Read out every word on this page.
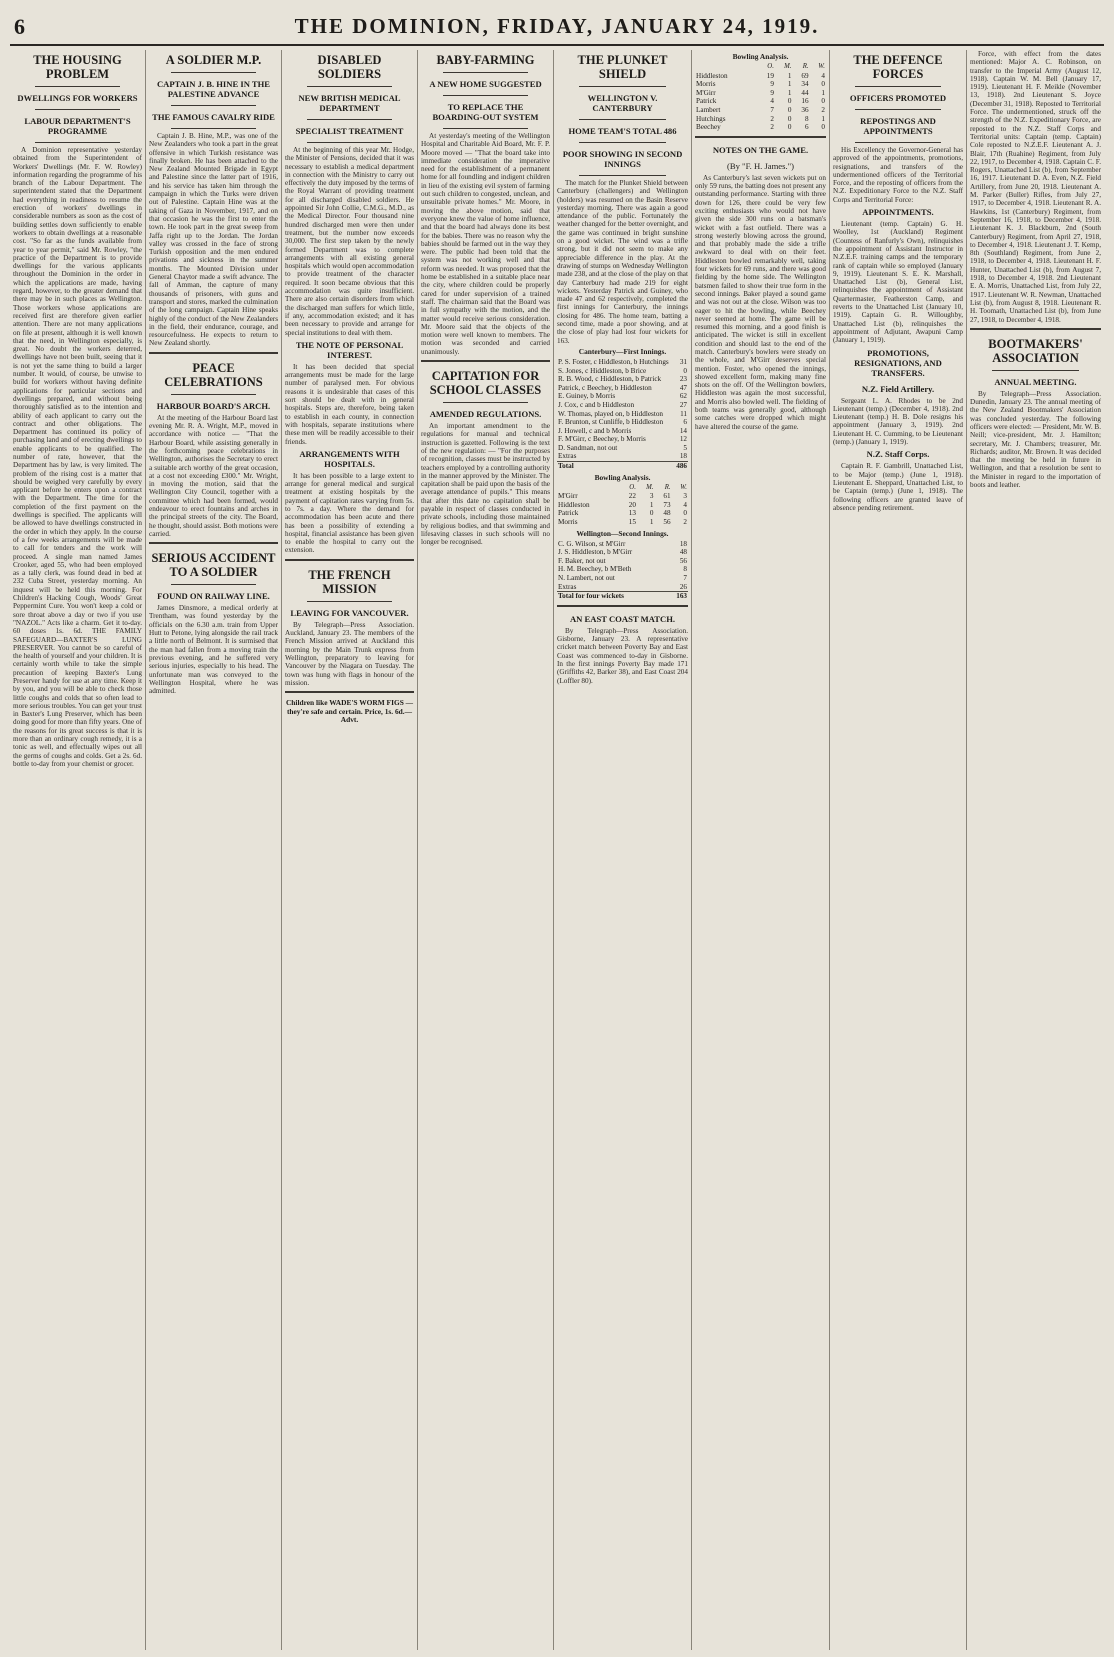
6	THE DOMINION, FRIDAY, JANUARY 24, 1919.
THE HOUSING PROBLEM
DWELLINGS FOR WORKERS
LABOUR DEPARTMENT'S PROGRAMME
A Dominion representative yesterday obtained from the Superintendent of Workers' Dwellings (Mr. F. W. Rowley) information regarding the programme of his branch of the Labour Department. The superintendent stated that the Department had everything in readiness to resume the erection of workers' dwellings in considerable numbers as soon as the cost of building settles down sufficiently to enable workers to obtain dwellings at a reasonable cost. "So far as the funds available from year to year permit," said Mr. Rowley, "the practice of the Department is to provide dwellings for the various applicants throughout the Dominion in the order in which the applications are made, having regard, however, to the greater demand that there may be in such places as Wellington. Those workers whose applications are received first are therefore given earlier attention. There are not many applications on file at present, although it is well known that the need, in Wellington especially, is great. No doubt the workers deterred, dwellings have not been built, seeing that it is not yet the same thing to build a larger number. It would, of course, be unwise to build for workers without having definite applications for particular sections and dwellings prepared, and without being thoroughly satisfied as to the intention and ability of each applicant to carry out the contract and other obligations. The Department has continued its policy of purchasing land and of erecting dwellings to enable applicants to be qualified. The number of rate, however, that the Department has by law, is very limited. The problem of the rising cost is a matter that should be weighed very carefully by every applicant before he enters upon a contract with the Department. The time for the completion of the first payment on the dwellings is specified. The applicants will be allowed to have dwellings constructed in the order in which they apply. In the course of a few weeks arrangements will be made to call for tenders and the work will proceed. A single man named James Crooker, aged 55, who had been employed as a tally clerk, was found dead in bed at 232 Cuba Street, yesterday morning. An inquest will be held this morning. For Children's Hacking Cough, Woods' Great Peppermint Cure. You won't keep a cold or sore throat above a day or two if you use "NAZOL." Acts like a charm. Get it to-day. 60 doses 1s. 6d. THE FAMILY SAFEGUARD—BAXTER'S LUNG PRESERVER. You cannot be so careful of the health of yourself and your children. It is certainly worth while to take the simple precaution of keeping Baxter's Lung Preserver handy for use at any time. Keep it by you, and you will be able to check those little coughs and colds that so often lead to more serious troubles. You can get your trust in Baxter's Lung Preserver, which has been doing good for more than fifty years. One of the reasons for its great success is that it is more than an ordinary cough remedy, it is a tonic as well, and effectually wipes out all the germs of coughs and colds. Get a 2s. 6d. bottle to-day from your chemist or grocer.
A SOLDIER M.P.
CAPTAIN J. B. HINE IN THE PALESTINE ADVANCE
THE FAMOUS CAVALRY RIDE
Captain J. B. Hine, M.P., was one of the New Zealanders who took a part in the great offensive in which Turkish resistance was finally broken. He has been attached to the New Zealand Mounted Brigade in Egypt and Palestine since the latter part of 1916, and his service has taken him through the campaign in which the Turks were driven out of Palestine. Captain Hine was at the taking of Gaza in November, 1917, and on that occasion he was the first to enter the town. He took part in the great sweep from Jaffa right up to the Jordan. The Jordan valley was crossed in the face of strong Turkish opposition and the men endured privations and sickness in the summer months. The Mounted Division under General Chaytor made a swift advance. The fall of Amman, the capture of many thousands of prisoners, with guns and transport and stores, marked the culmination of the long campaign. Captain Hine speaks highly of the conduct of the New Zealanders in the field, their endurance, courage, and resourcefulness. He expects to return to New Zealand shortly.
PEACE CELEBRATIONS
HARBOUR BOARD'S ARCH.
At the meeting of the Harbour Board last evening Mr. R. A. Wright, M.P., moved in accordance with notice — "That the Harbour Board, while assisting generally in the forthcoming peace celebrations in Wellington, authorises the Secretary to erect a suitable arch worthy of the great occasion, at a cost not exceeding £300." Mr. Wright, in moving the motion, said that the Wellington City Council, together with a committee which had been formed, would endeavour to erect fountains and arches in the principal streets of the city. The Board, he thought, should assist. Both motions were carried.
SERIOUS ACCIDENT TO A SOLDIER
FOUND ON RAILWAY LINE.
James Dinsmore, a medical orderly at Trentham, was found yesterday by the officials on the 6.30 a.m. train from Upper Hutt to Petone, lying alongside the rail track a little north of Belmont. It is surmised that the man had fallen from a moving train the previous evening, and he suffered very serious injuries, especially to his head. The unfortunate man was conveyed to the Wellington Hospital, where he was admitted.
DISABLED SOLDIERS
NEW BRITISH MEDICAL DEPARTMENT
SPECIALIST TREATMENT
At the beginning of this year Mr. Hodge, the Minister of Pensions, decided that it was necessary to establish a medical department in connection with the Ministry to carry out effectively the duty imposed by the terms of the Royal Warrant of providing treatment for all discharged disabled soldiers. He appointed Sir John Collie, C.M.G., M.D., as the Medical Director. Four thousand nine hundred discharged men were then under treatment, but the number now exceeds 30,000. The first step taken by the newly formed Department was to complete arrangements with all existing general hospitals which would open accommodation to provide treatment of the character required. It soon became obvious that this accommodation was quite insufficient. There are also certain disorders from which the discharged man suffers for which little, if any, accommodation existed; and it has been necessary to provide and arrange for special institutions to deal with them.
THE NOTE OF PERSONAL INTEREST.
It has been decided that special arrangements must be made for the large number of paralysed men. For obvious reasons it is undesirable that cases of this sort should be dealt with in general hospitals. Steps are, therefore, being taken to establish in each county, in connection with hospitals, separate institutions where these men will be readily accessible to their friends.
ARRANGEMENTS WITH HOSPITALS.
It has been possible to a large extent to arrange for general medical and surgical treatment at existing hospitals by the payment of capitation rates varying from 5s. to 7s. a day. Where the demand for accommodation has been acute and there has been a possibility of extending a hospital, financial assistance has been given to enable the hospital to carry out the extension.
THE FRENCH MISSION
LEAVING FOR VANCOUVER.
By Telegraph—Press Association. Auckland, January 23. The members of the French Mission arrived at Auckland this morning by the Main Trunk express from Wellington, preparatory to leaving for Vancouver by the Niagara on Tuesday. The town was hung with flags in honour of the mission.
Children like WADE'S WORM FIGS — they're safe and certain. Price, 1s. 6d.—Advt.
BABY-FARMING
A NEW HOME SUGGESTED
TO REPLACE THE BOARDING-OUT SYSTEM
At yesterday's meeting of the Wellington Hospital and Charitable Aid Board, Mr. F. P. Moore moved — "That the board take into immediate consideration the imperative need for the establishment of a permanent home for all foundling and indigent children in lieu of the existing evil system of farming out such children to congested, unclean, and unsuitable private homes." Mr. Moore, in moving the above motion, said that everyone knew the value of home influence, and that the board had always done its best for the babies. There was no reason why the babies should be farmed out in the way they were. The public had been told that the system was not working well and that reform was needed. It was proposed that the home be established in a suitable place near the city, where children could be properly cared for under supervision of a trained staff. The chairman said that the Board was in full sympathy with the motion, and the matter would receive serious consideration. Mr. Moore said that the objects of the motion were well known to members. The motion was seconded and carried unanimously.
CAPITATION FOR SCHOOL CLASSES
AMENDED REGULATIONS.
An important amendment to the regulations for manual and technical instruction is gazetted. Following is the text of the new regulation: — "For the purposes of recognition, classes must be instructed by teachers employed by a controlling authority in the manner approved by the Minister. The capitation shall be paid upon the basis of the average attendance of pupils." This means that after this date no capitation shall be payable in respect of classes conducted in private schools, including those maintained by religious bodies, and that swimming and lifesaving classes in such schools will no longer be recognised.
THE PLUNKET SHIELD
WELLINGTON V. CANTERBURY
HOME TEAM'S TOTAL 486
POOR SHOWING IN SECOND INNINGS
The match for the Plunket Shield between Canterbury (challengers) and Wellington (holders) was resumed on the Basin Reserve yesterday morning. There was again a good attendance of the public. Fortunately the weather changed for the better overnight, and the game was continued in bright sunshine on a good wicket. The wind was a trifle strong, but it did not seem to make any appreciable difference in the play. At the drawing of stumps on Wednesday Wellington made 238, and at the close of the play on that day Canterbury had made 219 for eight wickets. Yesterday Patrick and Guiney, who made 47 and 62 respectively, completed the first innings for Canterbury, the innings closing for 486. The home team, batting a second time, made a poor showing, and at the close of play had lost four wickets for 163.
Canterbury—First Innings.
P. S. Foster, c Hiddleston, b Hutchings	31
S. Jones, c Hiddleston, b Brice	0
R. B. Wood, c Hiddleston, b Patrick	23
Patrick, c Beechey, b Hiddleston	47
E. Guiney, b Morris	62
J. Cox, c and b Hiddleston	27
W. Thomas, played on, b Hiddleston	11
F. Brunton, st Cunliffe, b Hiddleston	6
J. Howell, c and b Morris	14
F. M'Girr, c Beechey, b Morris	12
D. Sandman, not out	5
Extras	18
Total	486
Bowling Analysis.
	O.	M.	R.	W.
M'Girr	22	3	61	3
Hiddleston	20	1	73	4
Patrick	13	0	48	0
Morris	15	1	56	2
Wellington—Second Innings.
C. G. Wilson, st M'Girr	18
J. S. Hiddleston, b M'Girr	48
F. Baker, not out	56
H. M. Beechey, b M'Beth	8
N. Lambert, not out	7
Extras	26
Total for four wickets	163
AN EAST COAST MATCH.
By Telegraph—Press Association. Gisborne, January 23. A representative cricket match between Poverty Bay and East Coast was commenced to-day in Gisborne. In the first innings Poverty Bay made 171 (Griffiths 42, Barker 38), and East Coast 204 (Loffler 80).
Bowling Analysis.
	O.	M.	R.	W.
Hiddleston	19	1	69	4
Morris	9	1	34	0
M'Girr	9	1	44	1
Patrick	4	0	16	0
Lambert	7	0	36	2
Hutchings	2	0	8	1
Beechey	2	0	6	0
NOTES ON THE GAME.
(By "F. H. James.")
As Canterbury's last seven wickets put on only 59 runs, the batting does not present any outstanding performance. Starting with three down for 126, there could be very few exciting enthusiasts who would not have given the side 300 runs on a batsman's wicket with a fast outfield. There was a strong westerly blowing across the ground, and that probably made the side a trifle awkward to deal with on their feet. Hiddleston bowled remarkably well, taking four wickets for 69 runs, and there was good fielding by the home side. The Wellington batsmen failed to show their true form in the second innings. Baker played a sound game and was not out at the close. Wilson was too eager to hit the bowling, while Beechey never seemed at home. The game will be resumed this morning, and a good finish is anticipated. The wicket is still in excellent condition and should last to the end of the match. Canterbury's bowlers were steady on the whole, and M'Girr deserves special mention. Foster, who opened the innings, showed excellent form, making many fine shots on the off. Of the Wellington bowlers, Hiddleston was again the most successful, and Morris also bowled well. The fielding of both teams was generally good, although some catches were dropped which might have altered the course of the game.
THE DEFENCE FORCES
OFFICERS PROMOTED
REPOSTINGS AND APPOINTMENTS
His Excellency the Governor-General has approved of the appointments, promotions, resignations, and transfers of the undermentioned officers of the Territorial Force, and the reposting of officers from the N.Z. Expeditionary Force to the N.Z. Staff Corps and Territorial Force:
APPOINTMENTS.
Lieutenant (temp. Captain) G. H. Woolley, 1st (Auckland) Regiment (Countess of Ranfurly's Own), relinquishes the appointment of Assistant Instructor in N.Z.E.F. training camps and the temporary rank of captain while so employed (January 9, 1919). Lieutenant S. E. K. Marshall, Unattached List (b), General List, relinquishes the appointment of Assistant Quartermaster, Featherston Camp, and reverts to the Unattached List (January 10, 1919). Captain G. R. Willoughby, Unattached List (b), relinquishes the appointment of Adjutant, Awapuni Camp (January 1, 1919).
PROMOTIONS, RESIGNATIONS, AND TRANSFERS.
N.Z. Field Artillery.
Sergeant L. A. Rhodes to be 2nd Lieutenant (temp.) (December 4, 1918). 2nd Lieutenant (temp.) H. B. Dole resigns his appointment (January 3, 1919). 2nd Lieutenant H. C. Cumming, to be Lieutenant (temp.) (January 1, 1919).
N.Z. Staff Corps.
Captain R. F. Gambrill, Unattached List, to be Major (temp.) (June 1, 1918). Lieutenant E. Sheppard, Unattached List, to be Captain (temp.) (June 1, 1918). The following officers are granted leave of absence pending retirement.
Force, with effect from the dates mentioned: Major A. C. Robinson, on transfer to the Imperial Army (August 12, 1918). Captain W. M. Bell (January 17, 1919). Lieutenant H. F. Meikle (November 13, 1918). 2nd Lieutenant S. Joyce (December 31, 1918). Reposted to Territorial Force. The undermentioned, struck off the strength of the N.Z. Expeditionary Force, are reposted to the N.Z. Staff Corps and Territorial units: Captain (temp. Captain) Cole reposted to N.Z.E.F. Lieutenant A. J. Blair, 17th (Ruahine) Regiment, from July 22, 1917, to December 4, 1918. Captain C. F. Rogers, Unattached List (b), from September 16, 1917. Lieutenant D. A. Even, N.Z. Field Artillery, from June 20, 1918. Lieutenant A. M. Parker (Buller) Rifles, from July 27, 1917, to December 4, 1918. Lieutenant R. A. Hawkins, 1st (Canterbury) Regiment, from September 16, 1918, to December 4, 1918. Lieutenant K. J. Blackburn, 2nd (South Canterbury) Regiment, from April 27, 1918, to December 4, 1918. Lieutenant J. T. Kemp, 8th (Southland) Regiment, from June 2, 1918, to December 4, 1918. Lieutenant H. F. Hunter, Unattached List (b), from August 7, 1918, to December 4, 1918. 2nd Lieutenant E. A. Morris, Unattached List, from July 22, 1917. Lieutenant W. R. Newman, Unattached List (b), from August 8, 1918. Lieutenant R. H. Toomath, Unattached List (b), from June 27, 1918, to December 4, 1918.
BOOTMAKERS' ASSOCIATION
ANNUAL MEETING.
By Telegraph—Press Association. Dunedin, January 23. The annual meeting of the New Zealand Bootmakers' Association was concluded yesterday. The following officers were elected: — President, Mr. W. B. Neill; vice-president, Mr. J. Hamilton; secretary, Mr. J. Chambers; treasurer, Mr. Richards; auditor, Mr. Brown. It was decided that the meeting be held in future in Wellington, and that a resolution be sent to the Minister in regard to the importation of boots and leather.
